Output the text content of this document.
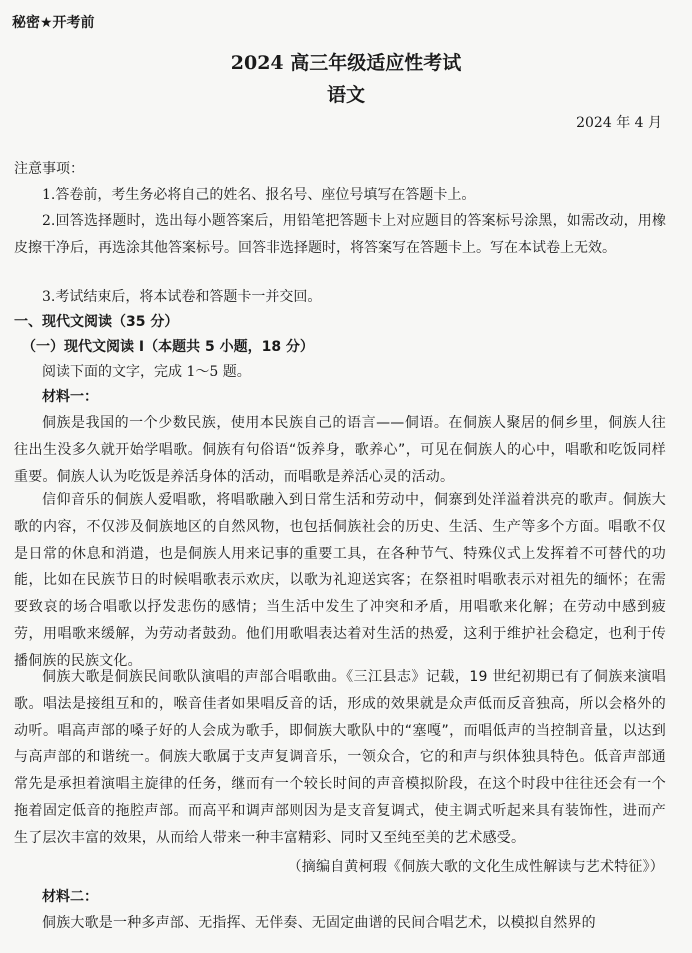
秘密★开考前
2024 高三年级适应性考试
语文
2024 年 4 月
注意事项：

1.答卷前，考生务必将自己的姓名、报名号、座位号填写在答题卡上。

2.回答选择题时，选出每小题答案后，用铅笔把答题卡上对应题目的答案标号涂黑，如需改动，用橡皮擦干净后，再选涂其他答案标号。回答非选择题时，将答案写在答题卡上。写在本试卷上无效。

3.考试结束后，将本试卷和答题卡一并交回。

一、现代文阅读（35 分）
（一）现代文阅读 I（本题共 5 小题，18 分）

阅读下面的文字，完成 1～5 题。

材料一：

侗族是我国的一个少数民族，使用本民族自己的语言——侗语。在侗族人聚居的侗乡里，侗族人往往出生没多久就开始学唱歌。侗族有句俗语“饭养身，歌养心”，可见在侗族人的心中，唱歌和吃饭同样重要。侗族人认为吃饭是养活身体的活动，而唱歌是养活心灵的活动。

信仰音乐的侗族人爱唱歌，将唱歌融入到日常生活和劳动中，侗寨到处洋溢着洪亮的歌声。侗族大歌的内容，不仅涉及侗族地区的自然风物，也包括侗族社会的历史、生活、生产等多个方面。唱歌不仅是日常的休息和消遣，也是侗族人用来记事的重要工具，在各种节气、特殊仪式上发挥着不可替代的功能，比如在民族节日的时候唱歌表示欢庆，以歌为礼迎送宾客；在祭祖时唱歌表示对祖先的缅怀；在需要致哀的场合唱歌以抒发悲伤的感情；当生活中发生了冲突和矛盾，用唱歌来化解；在劳动中感到疲劳，用唱歌来缓解，为劳动者鼓劲。他们用歌唱表达着对生活的热爱，这利于维护社会稳定，也利于传播侗族的民族文化。

侗族大歌是侗族民间歌队演唱的声部合唱歌曲。《三江县志》记载，19 世纪初期已有了侗族来演唱歌。唱法是接组互和的，喉音佳者如果唱反音的话，形成的效果就是众声低而反音独高，所以会格外的动听。唱高声部的嗓子好的人会成为歌手，即侗族大歌队中的“塞嘎”，而唱低声的当控制音量，以达到与高声部的和谐统一。侗族大歌属于支声复调音乐，一领众合，它的和声与织体独具特色。低音声部通常先是承担着演唱主旋律的任务，继而有一个较长时间的声音模拟阶段，在这个时段中往往还会有一个拖着固定低音的拖腔声部。而高平和调声部则因为是支音复调式，使主调式听起来具有装饰性，进而产生了层次丰富的效果，从而给人带来一种丰富精彩、同时又至纯至美的艺术感受。

（摘编自黄柯瑕《侗族大歌的文化生成性解读与艺术特征》）
材料二：

侗族大歌是一种多声部、无指挥、无伴奏、无固定曲谱的民间合唱艺术，以模拟自然界的
